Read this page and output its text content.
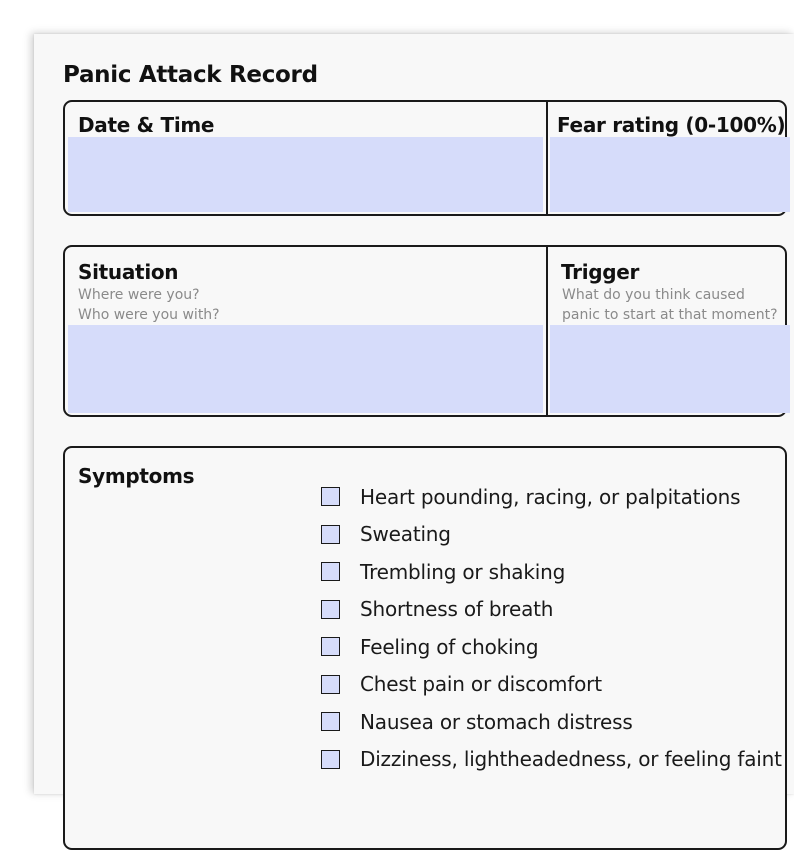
Panic Attack Record
Date & Time	Fear rating (0-100%)
Situation
Where were you?
Who were you with?
Trigger
What do you think caused
panic to start at that moment?
Symptoms
Heart pounding, racing, or palpitations
Sweating
Trembling or shaking
Shortness of breath
Feeling of choking
Chest pain or discomfort
Nausea or stomach distress
Dizziness, lightheadedness, or feeling faint
